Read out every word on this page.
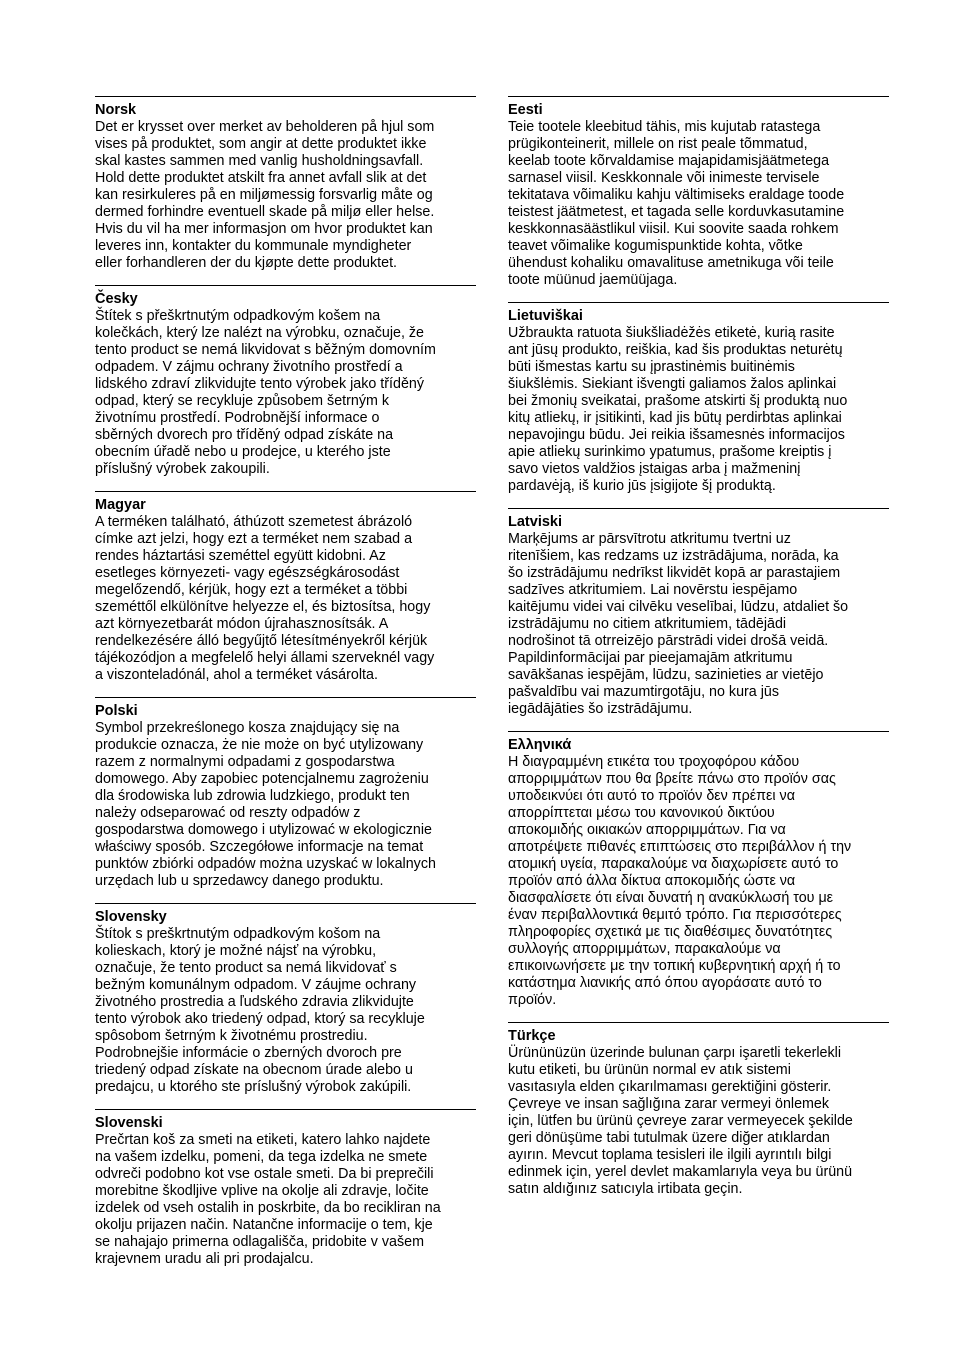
Norsk

Det er krysset over merket av beholderen på hjul som
vises på produktet, som angir at dette produktet ikke
skal kastes sammen med vanlig husholdningsavfall.
Hold dette produktet atskilt fra annet avfall slik at det
kan resirkuleres på en miljømessig forsvarlig måte og
dermed forhindre eventuell skade på miljø eller helse.
Hvis du vil ha mer informasjon om hvor produktet kan
leveres inn, kontakter du kommunale myndigheter
eller forhandleren der du kjøpte dette produktet.

Česky

Štítek s přeškrtnutým odpadkovým košem na
kolečkách, který lze nalézt na výrobku, označuje, že
tento product se nemá likvidovat s běžným domovním
odpadem. V zájmu ochrany životního prostředí a
lidského zdraví zlikvidujte tento výrobek jako tříděný
odpad, který se recykluje způsobem šetrným k
životnímu prostředí. Podrobnější informace o
sběrných dvorech pro tříděný odpad získáte na
obecním úřadě nebo u prodejce, u kterého jste
příslušný výrobek zakoupili.

Magyar

A terméken található, áthúzott szemetest ábrázoló
címke azt jelzi, hogy ezt a terméket nem szabad a
rendes háztartási szeméttel együtt kidobni. Az
esetleges környezeti- vagy egészségkárosodást
megelőzendő, kérjük, hogy ezt a terméket a többi
szeméttől elkülönítve helyezze el, és biztosítsa, hogy
azt környezetbarát módon újrahasznosítsák. A
rendelkezésére álló begyűjtő létesítményekről kérjük
tájékozódjon a megfelelő helyi állami szerveknél vagy
a viszonteladónál, ahol a terméket vásárolta.

Polski

Symbol przekreślonego kosza znajdujący się na
produkcie oznacza, że nie może on być utylizowany
razem z normalnymi odpadami z gospodarstwa
domowego. Aby zapobiec potencjalnemu zagrożeniu
dla środowiska lub zdrowia ludzkiego, produkt ten
należy odseparować od reszty odpadów z
gospodarstwa domowego i utylizować w ekologicznie
właściwy sposób. Szczegółowe informacje na temat
punktów zbiórki odpadów można uzyskać w lokalnych
urzędach lub u sprzedawcy danego produktu.

Slovensky

Štítok s preškrtnutým odpadkovým košom na
kolieskach, ktorý je možné nájsť na výrobku,
označuje, že tento product sa nemá likvidovať s
bežným komunálnym odpadom. V záujme ochrany
životného prostredia a ľudského zdravia zlikvidujte
tento výrobok ako triedený odpad, ktorý sa recykluje
spôsobom šetrným k životnému prostrediu.
Podrobnejšie informácie o zberných dvoroch pre
triedený odpad získate na obecnom úrade alebo u
predajcu, u ktorého ste príslušný výrobok zakúpili.

Slovenski

Prečrtan koš za smeti na etiketi, katero lahko najdete
na vašem izdelku, pomeni, da tega izdelka ne smete
odvreči podobno kot vse ostale smeti. Da bi preprečili
morebitne škodljive vplive na okolje ali zdravje, ločite
izdelek od vseh ostalih in poskrbite, da bo recikliran na
okolju prijazen način. Natančne informacije o tem, kje
se nahajajo primerna odlagališča, pridobite v vašem
krajevnem uradu ali pri prodajalcu.

Eesti

Teie tootele kleebitud tähis, mis kujutab ratastega
prügikonteinerit, millele on rist peale tõmmatud,
keelab toote kõrvaldamise majapidamisjäätmetega
sarnasel viisil. Keskkonnale või inimeste tervisele
tekitatava võimaliku kahju vältimiseks eraldage toode
teistest jäätmetest, et tagada selle korduvkasutamine
keskkonnasäästlikul viisil. Kui soovite saada rohkem
teavet võimalike kogumispunktide kohta, võtke
ühendust kohaliku omavalituse ametnikuga või teile
toote müünud jaemüüjaga.

Lietuviškai

Užbraukta ratuota šiukšliadėžės etiketė, kurią rasite
ant jūsų produkto, reiškia, kad šis produktas neturėtų
būti išmestas kartu su įprastinėmis buitinėmis
šiukšlėmis. Siekiant išvengti galiamos žalos aplinkai
bei žmonių sveikatai, prašome atskirti šį produktą nuo
kitų atliekų, ir įsitikinti, kad jis būtų perdirbtas aplinkai
nepavojingu būdu. Jei reikia išsamesnės informacijos
apie atliekų surinkimo ypatumus, prašome kreiptis į
savo vietos valdžios įstaigas arba į mažmeninį
pardavėją, iš kurio jūs įsigijote šį produktą.

Latviski

Marķējums ar pārsvītrotu atkritumu tvertni uz
ritenīšiem, kas redzams uz izstrādājuma, norāda, ka
šo izstrādājumu nedrīkst likvidēt kopā ar parastajiem
sadzīves atkritumiem. Lai novērstu iespējamo
kaitējumu videi vai cilvēku veselībai, lūdzu, atdaliet šo
izstrādājumu no citiem atkritumiem, tādējādi
nodrošinot tā otrreizējo pārstrādi videi drošā veidā.
Papildinformācijai par pieejamajām atkritumu
savākšanas iespējām, lūdzu, sazinieties ar vietējo
pašvaldību vai mazumtirgotāju, no kura jūs
iegādājāties šo izstrādājumu.

Ελληνικά

Η διαγραμμένη ετικέτα του τροχοφόρου κάδου
απορριμμάτων που θα βρείτε πάνω στο προϊόν σας
υποδεικνύει ότι αυτό το προϊόν δεν πρέπει να
απορρίπτεται μέσω του κανονικού δικτύου
αποκομιδής οικιακών απορριμμάτων. Για να
αποτρέψετε πιθανές επιπτώσεις στο περιβάλλον ή την
ατομική υγεία, παρακαλούμε να διαχωρίσετε αυτό το
προϊόν από άλλα δίκτυα αποκομιδής ώστε να
διασφαλίσετε ότι είναι δυνατή η ανακύκλωσή του με
έναν περιβαλλοντικά θεμιτό τρόπο. Για περισσότερες
πληροφορίες σχετικά με τις διαθέσιμες δυνατότητες
συλλογής απορριμμάτων, παρακαλούμε να
επικοινωνήσετε με την τοπική κυβερνητική αρχή ή το
κατάστημα λιανικής από όπου αγοράσατε αυτό το
προϊόν.

Türkçe

Ürününüzün üzerinde bulunan çarpı işaretli tekerlekli
kutu etiketi, bu ürünün normal ev atık sistemi
vasıtasıyla elden çıkarılmaması gerektiğini gösterir.
Çevreye ve insan sağlığına zarar vermeyi önlemek
için, lütfen bu ürünü çevreye zarar vermeyecek şekilde
geri dönüşüme tabi tutulmak üzere diğer atıklardan
ayırın. Mevcut toplama tesisleri ile ilgili ayrıntılı bilgi
edinmek için, yerel devlet makamlarıyla veya bu ürünü
satın aldığınız satıcıyla irtibata geçin.
